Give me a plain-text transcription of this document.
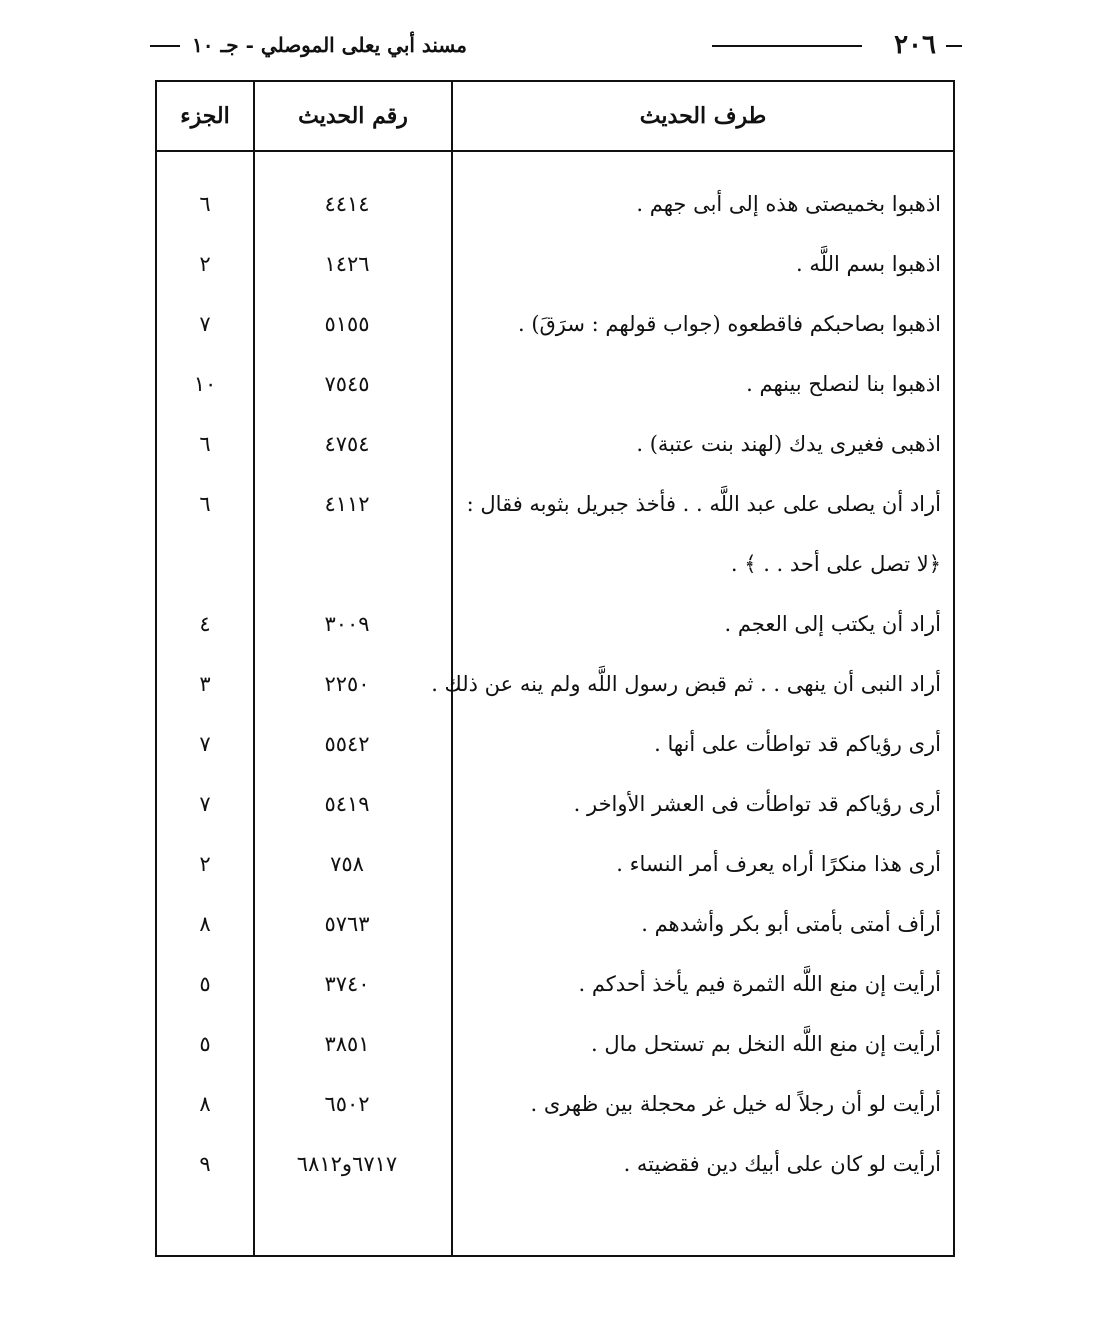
٢٠٦
مسند أبي يعلى الموصلي - جـ ١٠
طرف الحديث
رقم الحديث
الجزء
اذهبوا بخميصتى هذه إلى أبى جهم .
٤٤١٤
٦
اذهبوا بسم اللَّه .
١٤٢٦
٢
اذهبوا بصاحبكم فاقطعوه (جواب قولهم : سرَقَ) .
٥١٥٥
٧
اذهبوا بنا لنصلح بينهم .
٧٥٤٥
١٠
اذهبى فغيرى يدك (لهند بنت عتبة) .
٤٧٥٤
٦
أراد أن يصلى على عبد اللَّه . . فأخذ جبريل بثوبه فقال :
٤١١٢
٦
﴿لا تصل على أحد . . ﴾ .
أراد أن يكتب إلى العجم .
٣٠٠٩
٤
أراد النبى أن ينهى . . ثم قبض رسول اللَّه ولم ينه عن ذلك .
٢٢٥٠
٣
أرى رؤياكم قد تواطأت على أنها .
٥٥٤٢
٧
أرى رؤياكم قد تواطأت فى العشر الأواخر .
٥٤١٩
٧
أرى هذا منكرًا أراه يعرف أمر النساء .
٧٥٨
٢
أرأف أمتى بأمتى أبو بكر وأشدهم .
٥٧٦٣
٨
أرأيت إن منع اللَّه الثمرة فيم يأخذ أحدكم .
٣٧٤٠
٥
أرأيت إن منع اللَّه النخل بم تستحل مال .
٣٨٥١
٥
أرأيت لو أن رجلاً له خيل غر محجلة بين ظهرى .
٦٥٠٢
٨
أرأيت لو كان على أبيك دين فقضيته .
٦٧١٧و٦٨١٢
٩
